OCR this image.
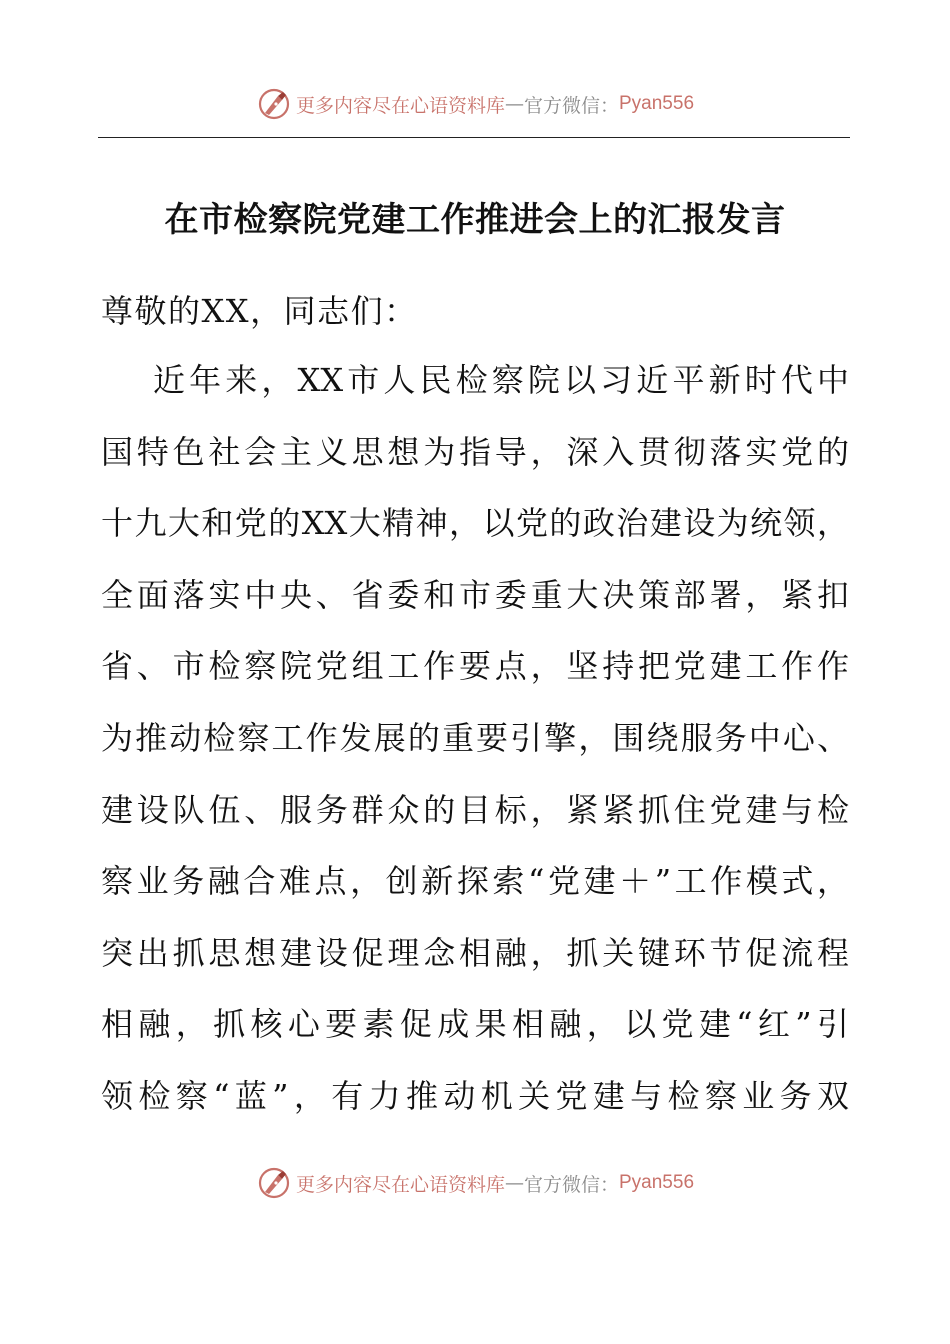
更多内容尽在心语资料库 — 官方微信： Pyan556
在市检察院党建工作推进会上的汇报发言
尊敬的XX，同志们：
近年来，XX市人民检察院以习近平新时代中
国特色社会主义思想为指导，深入贯彻落实党的
十九大和党的XX大精神，以党的政治建设为统领，
全面落实中央、省委和市委重大决策部署，紧扣
省、市检察院党组工作要点，坚持把党建工作作
为推动检察工作发展的重要引擎，围绕服务中心、
建设队伍、服务群众的目标，紧紧抓住党建与检
察业务融合难点，创新探索“党建＋”工作模式，
突出抓思想建设促理念相融，抓关键环节促流程
相融，抓核心要素促成果相融，以党建“红”引
领检察“蓝”，有力推动机关党建与检察业务双
更多内容尽在心语资料库 — 官方微信： Pyan556
